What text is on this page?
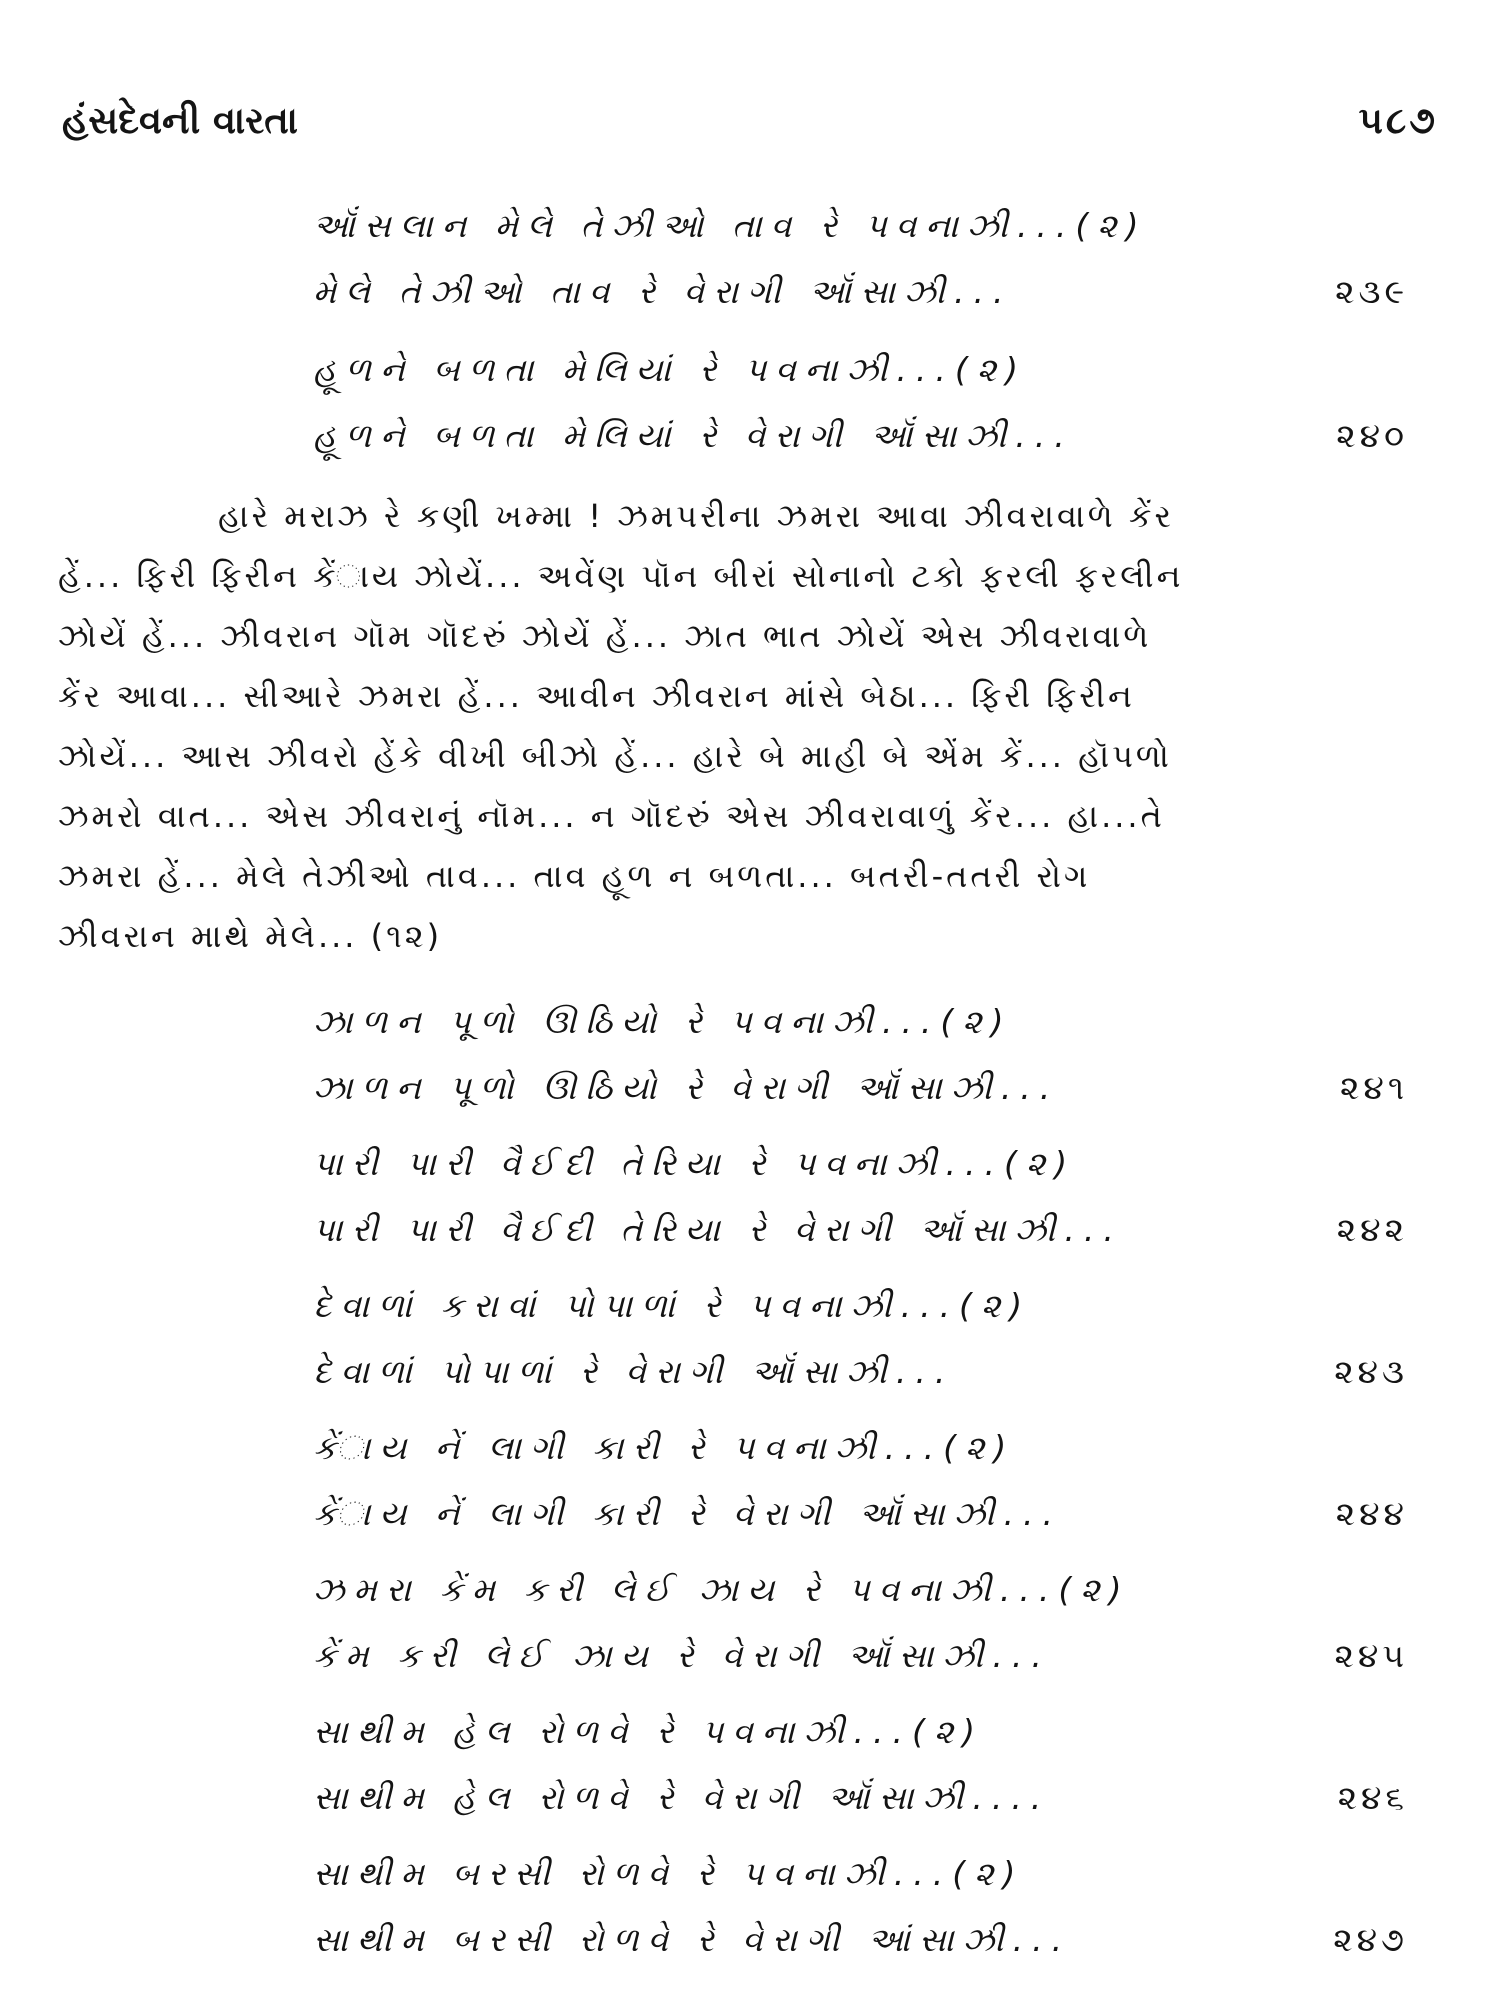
હંસદેવની વારતા	૫૮૭
ઑંસલાન મેલે તેઝીઓ તાવ રે પવનાઝી...(૨)
મેલે તેઝીઓ તાવ રે વેરાગી ઑંસાઝી...	૨૩૯
હૂળને બળતા મેલિયાં રે પવનાઝી...(૨)
હૂળને બળતા મેલિયાં રે વેરાગી ઑંસાઝી...	૨૪૦
હારે મરાઝ રે કણી ખમ્મા ! ઝમપરીના ઝમરા આવા ઝીવરાવાળે કેંર
હેં... ફિરી ફિરીન કેંાય ઝોયેં... અવેંણ પૉન બીરાં સોનાનો ટકો ફરલી ફરલીન
ઝોયેં હેં... ઝીવરાન ગૉમ ગૉદરું ઝોયેં હેં... ઝાત ભાત ઝોયેં એસ ઝીવરાવાળે
કેંર આવા... સીઆરે ઝમરા હેં... આવીન ઝીવરાન માંસે બેઠા... ફિરી ફિરીન
ઝોયેં... આસ ઝીવરો હેંકે વીખી બીઝો હેં... હારે બે માહી બે એંમ કેં... હૉપળો
ઝમરો વાત... એસ ઝીવરાનું નૉમ... ન ગૉદરું એસ ઝીવરાવાળું કેંર... હા...તે
ઝમરા હેં... મેલે તેઝીઓ તાવ... તાવ હૂળ ન બળતા... બતરી-તતરી રોગ
ઝીવરાન માથે મેલે... (૧૨)
ઝાળન પૂળો ઊઠિયો રે પવનાઝી...(૨)
ઝાળન પૂળો ઊઠિયો રે વેરાગી ઑંસાઝી...	૨૪૧
પારી પારી વૈઈદી તેરિયા રે પવનાઝી...(૨)
પારી પારી વૈઈદી તેરિયા રે વેરાગી ઑંસાઝી...	૨૪૨
દેવાળાં કરાવાં પોપાળાં રે પવનાઝી...(૨)
દેવાળાં પોપાળાં રે વેરાગી ઑંસાઝી...	૨૪૩
કેંાય નેં લાગી કારી રે પવનાઝી...(૨)
કેંાય નેં લાગી કારી રે વેરાગી ઑંસાઝી...	૨૪૪
ઝમરા કેંમ કરી લેઈ ઝાય રે પવનાઝી...(૨)
કેંમ કરી લેઈ ઝાય રે વેરાગી ઑંસાઝી...	૨૪૫
સાથીમ હેલ રોળવે રે પવનાઝી...(૨)
સાથીમ હેલ રોળવે રે વેરાગી ઑંસાઝી....	૨૪૬
સાથીમ બરસી રોળવે રે પવનાઝી...(૨)
સાથીમ બરસી રોળવે રે વેરાગી આંસાઝી...	૨૪૭
